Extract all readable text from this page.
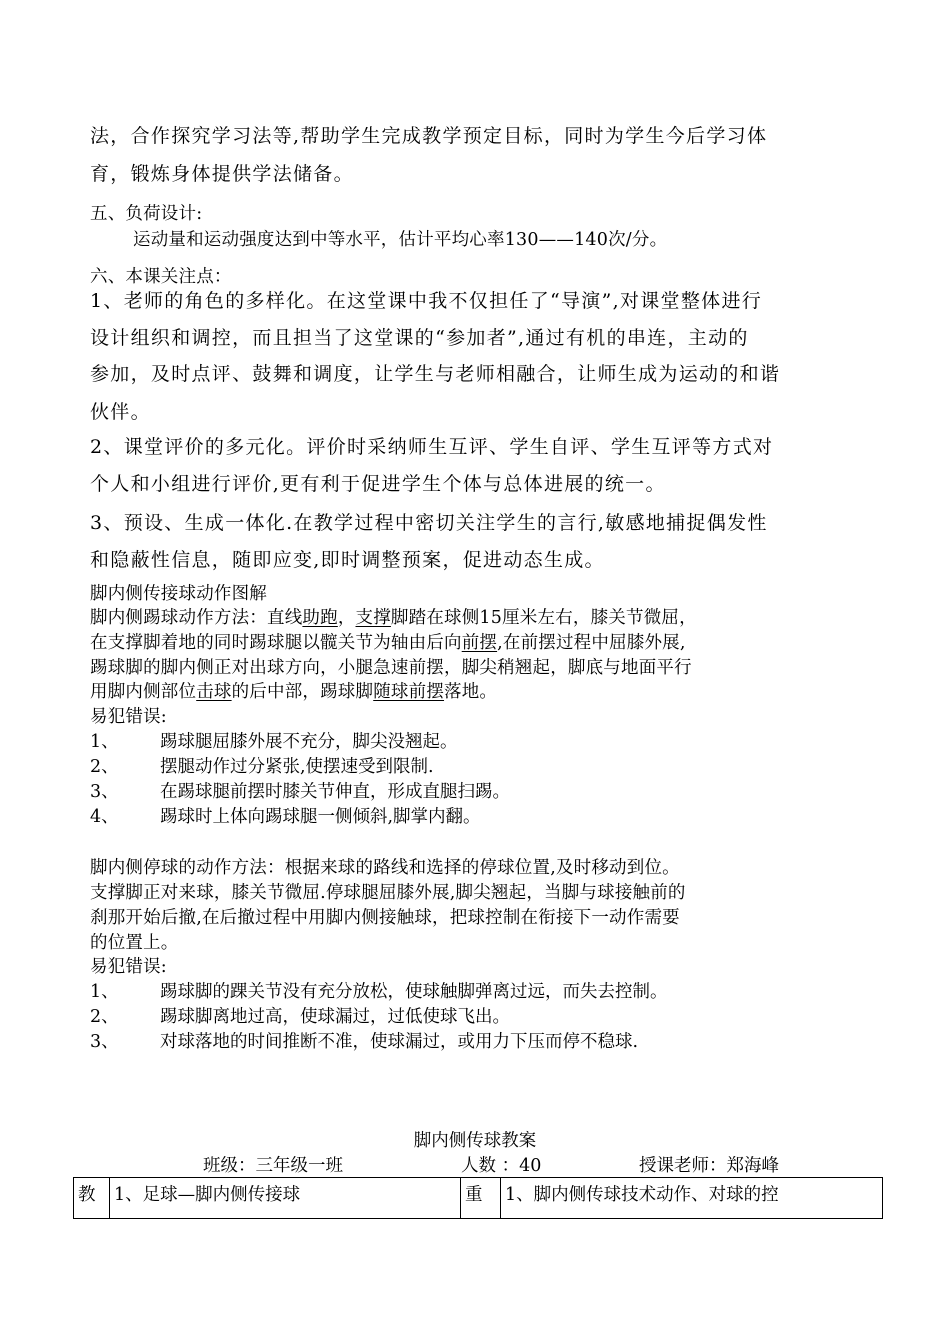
法，合作探究学习法等,帮助学生完成教学预定目标，同时为学生今后学习体
育，锻炼身体提供学法储备。
五、负荷设计:
运动量和运动强度达到中等水平，估计平均心率130——140次/分。
六、本课关注点：
1、老师的角色的多样化。在这堂课中我不仅担任了“导演”,对课堂整体进行
设计组织和调控，而且担当了这堂课的“参加者”,通过有机的串连，主动的
参加，及时点评、鼓舞和调度，让学生与老师相融合，让师生成为运动的和谐
伙伴。
2、课堂评价的多元化。评价时采纳师生互评、学生自评、学生互评等方式对
个人和小组进行评价,更有利于促进学生个体与总体进展的统一。
3、预设、生成一体化.在教学过程中密切关注学生的言行,敏感地捕捉偶发性
和隐蔽性信息，随即应变,即时调整预案，促进动态生成。
脚内侧传接球动作图解
脚内侧踢球动作方法：直线助跑，支撑脚踏在球侧15厘米左右，膝关节微屈，
在支撑脚着地的同时踢球腿以髋关节为轴由后向前摆,在前摆过程中屈膝外展,
踢球脚的脚内侧正对出球方向，小腿急速前摆，脚尖稍翘起，脚底与地面平行
用脚内侧部位击球的后中部，踢球脚随球前摆落地。
易犯错误:
1、 踢球腿屈膝外展不充分，脚尖没翘起。
2、 摆腿动作过分紧张,使摆速受到限制.
3、 在踢球腿前摆时膝关节伸直，形成直腿扫踢。
4、 踢球时上体向踢球腿一侧倾斜,脚掌内翻。
脚内侧停球的动作方法：根据来球的路线和选择的停球位置,及时移动到位。
支撑脚正对来球，膝关节微屈.停球腿屈膝外展,脚尖翘起，当脚与球接触前的
刹那开始后撤,在后撤过程中用脚内侧接触球，把球控制在衔接下一动作需要
的位置上。
易犯错误:
1、 踢球脚的踝关节没有充分放松，使球触脚弹离过远，而失去控制。
2、 踢球脚离地过高，使球漏过，过低使球飞出。
3、 对球落地的时间推断不准，使球漏过，或用力下压而停不稳球.
脚内侧传球教案
班级：三年级一班	人数 ：40	授课老师：郑海峰
教	1、足球—脚内侧传接球	重	1、脚内侧传球技术动作、对球的控
